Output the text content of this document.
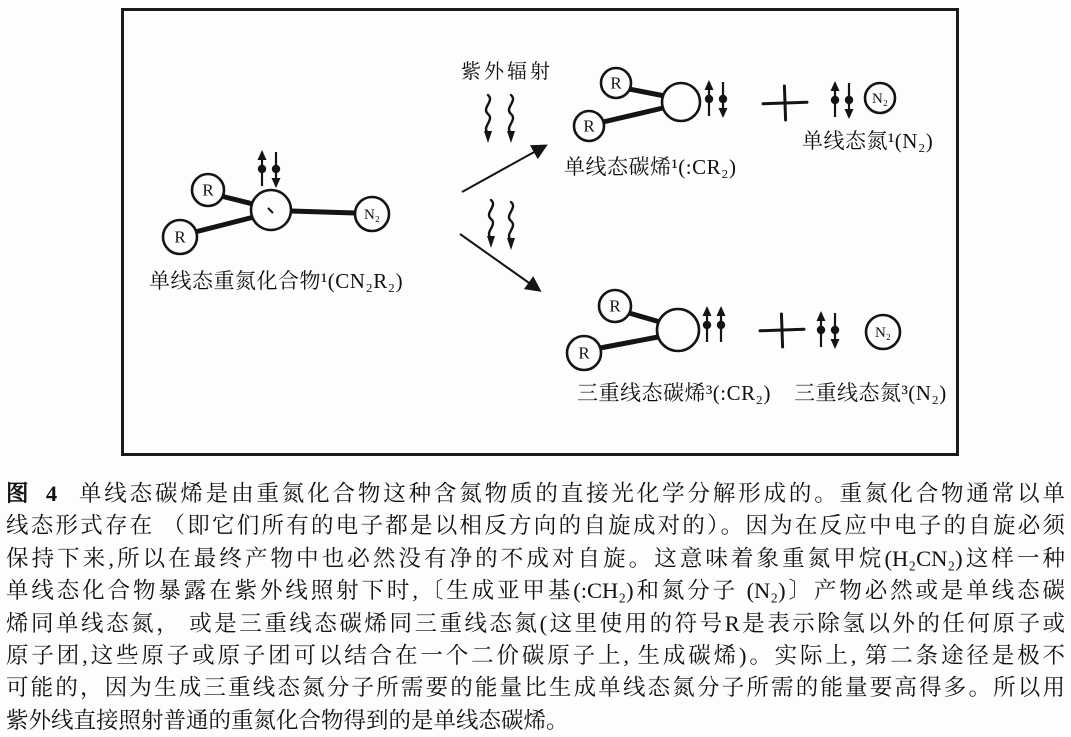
R
R
N₂
单线态重氮化合物¹(CN₂R₂)
紫外辐射	R
R
N₂
单线态碳烯¹(:CR₂)
单线态氮¹(N₂)
R
R
N₂
三重线态碳烯³(:CR₂) 三重线态氮³(N₂)
图 4 单线态碳烯是由重氮化合物这种含氮物质的直接光化学分解形成的。重氮化合物通常以单
线态形式存在 （即它们所有的电子都是以相反方向的自旋成对的）。因为在反应中电子的自旋必须
保持下来,所以在最终产物中也必然没有净的不成对自旋。这意味着象重氮甲烷(H₂CN₂)这样一种
单线态化合物暴露在紫外线照射下时,〔生成亚甲基(:CH₂)和氮分子 (N₂)〕产物必然或是单线态碳
烯同单线态氮， 或是三重线态碳烯同三重线态氮(这里使用的符号R是表示除氢以外的任何原子或
原子团,这些原子或原子团可以结合在一个二价碳原子上, 生成碳烯)。实际上, 第二条途径是极不
可能的，因为生成三重线态氮分子所需要的能量比生成单线态氮分子所需的能量要高得多。所以用
紫外线直接照射普通的重氮化合物得到的是单线态碳烯。
